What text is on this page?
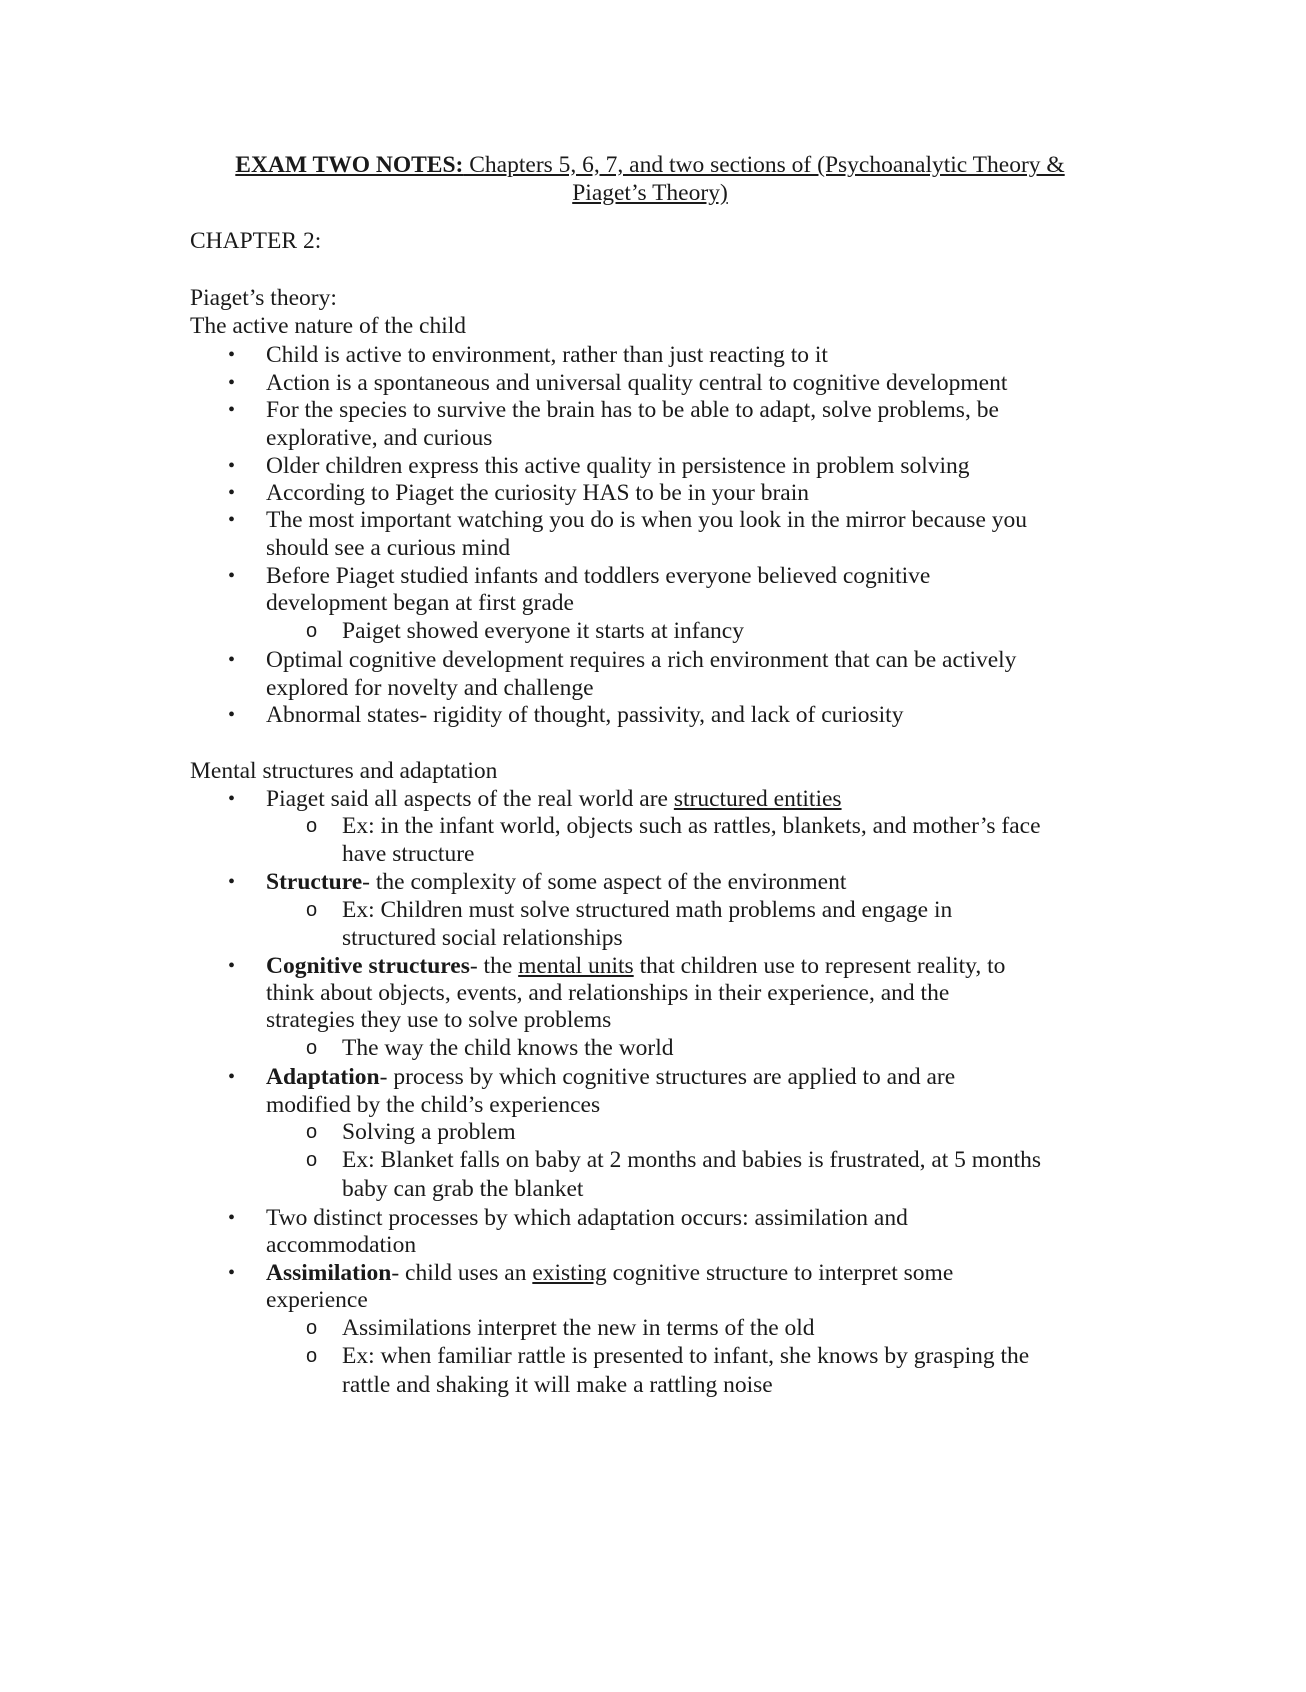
EXAM TWO NOTES: Chapters 5, 6, 7, and two sections of (Psychoanalytic Theory &
Piaget’s Theory)
CHAPTER 2:
Piaget’s theory:
The active nature of the child
• Child is active to environment, rather than just reacting to it
• Action is a spontaneous and universal quality central to cognitive development
• For the species to survive the brain has to be able to adapt, solve problems, be
explorative, and curious
• Older children express this active quality in persistence in problem solving
• According to Piaget the curiosity HAS to be in your brain
• The most important watching you do is when you look in the mirror because you
should see a curious mind
• Before Piaget studied infants and toddlers everyone believed cognitive
development began at first grade
o Paiget showed everyone it starts at infancy
• Optimal cognitive development requires a rich environment that can be actively
explored for novelty and challenge
• Abnormal states- rigidity of thought, passivity, and lack of curiosity
Mental structures and adaptation
• Piaget said all aspects of the real world are structured entities
o Ex: in the infant world, objects such as rattles, blankets, and mother’s face
have structure
• Structure- the complexity of some aspect of the environment
o Ex: Children must solve structured math problems and engage in
structured social relationships
• Cognitive structures- the mental units that children use to represent reality, to
think about objects, events, and relationships in their experience, and the
strategies they use to solve problems
o The way the child knows the world
• Adaptation- process by which cognitive structures are applied to and are
modified by the child’s experiences
o Solving a problem
o Ex: Blanket falls on baby at 2 months and babies is frustrated, at 5 months
baby can grab the blanket
• Two distinct processes by which adaptation occurs: assimilation and
accommodation
• Assimilation- child uses an existing cognitive structure to interpret some
experience
o Assimilations interpret the new in terms of the old
o Ex: when familiar rattle is presented to infant, she knows by grasping the
rattle and shaking it will make a rattling noise
